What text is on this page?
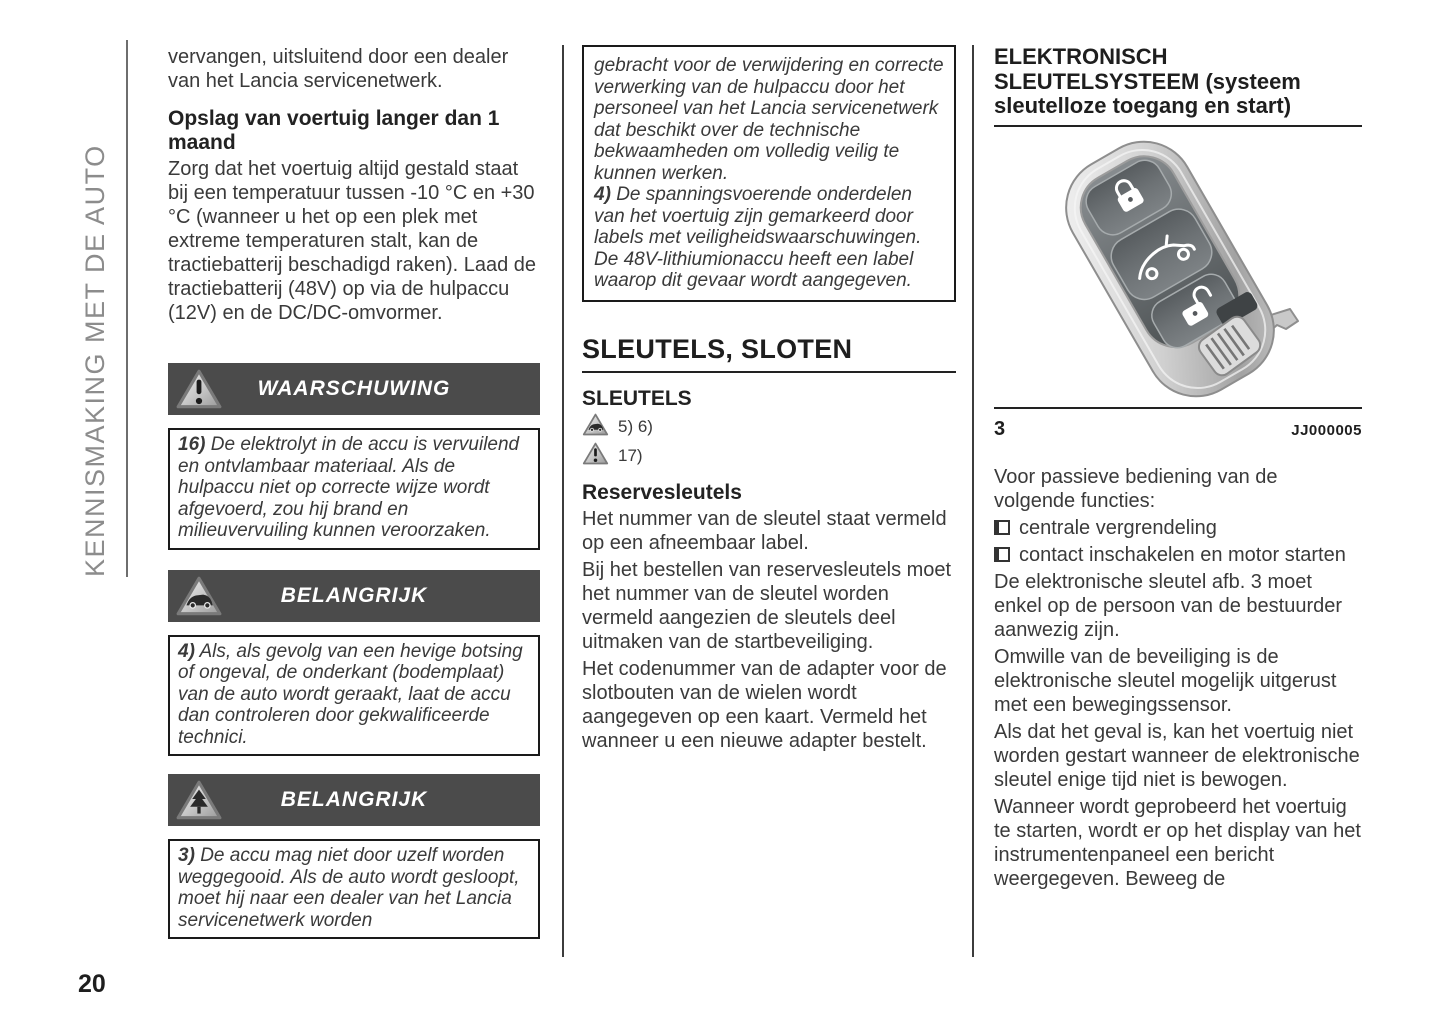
KENNISMAKING MET DE AUTO

vervangen, uitsluitend door een dealer van het Lancia servicenetwerk.

Opslag van voertuig langer dan 1 maand

Zorg dat het voertuig altijd gestald staat bij een temperatuur tussen -10 °C en +30 °C (wanneer u het op een plek met extreme temperaturen stalt, kan de tractiebatterij beschadigd raken). Laad de tractiebatterij (48V) op via de hulpaccu (12V) en de DC/DC-omvormer.

WAARSCHUWING
16) De elektrolyt in de accu is vervuilend en ontvlambaar materiaal. Als de hulpaccu niet op correcte wijze wordt afgevoerd, zou hij brand en milieuvervuiling kunnen veroorzaken.
BELANGRIJK
4) Als, als gevolg van een hevige botsing of ongeval, de onderkant (bodemplaat) van de auto wordt geraakt, laat de accu dan controleren door gekwalificeerde technici.
BELANGRIJK
3) De accu mag niet door uzelf worden weggegooid. Als de auto wordt gesloopt, moet hij naar een dealer van het Lancia servicenetwerk worden
gebracht voor de verwijdering en correcte verwerking van de hulpaccu door het personeel van het Lancia servicenetwerk dat beschikt over de technische bekwaamheden om volledig veilig te kunnen werken.
4) De spanningsvoerende onderdelen van het voertuig zijn gemarkeerd door labels met veiligheidswaarschuwingen. De 48V-lithiumionaccu heeft een label waarop dit gevaar wordt aangegeven.
SLEUTELS, SLOTEN
SLEUTELS
5) 6)
17)
Reservesleutels

Het nummer van de sleutel staat vermeld op een afneembaar label.

Bij het bestellen van reservesleutels moet het nummer van de sleutel worden vermeld aangezien de sleutels deel uitmaken van de startbeveiliging.

Het codenummer van de adapter voor de slotbouten van de wielen wordt aangegeven op een kaart. Vermeld het wanneer u een nieuwe adapter bestelt.

ELEKTRONISCH SLEUTELSYSTEEM (systeem sleutelloze toegang en start)
3	JJ000005

Voor passieve bediening van de volgende functies:

centrale vergrendeling

contact inschakelen en motor starten

De elektronische sleutel afb. 3 moet enkel op de persoon van de bestuurder aanwezig zijn.

Omwille van de beveiliging is de elektronische sleutel mogelijk uitgerust met een bewegingssensor.

Als dat het geval is, kan het voertuig niet worden gestart wanneer de elektronische sleutel enige tijd niet is bewogen.

Wanneer wordt geprobeerd het voertuig te starten, wordt er op het display van het instrumentenpaneel een bericht weergegeven. Beweeg de

20
